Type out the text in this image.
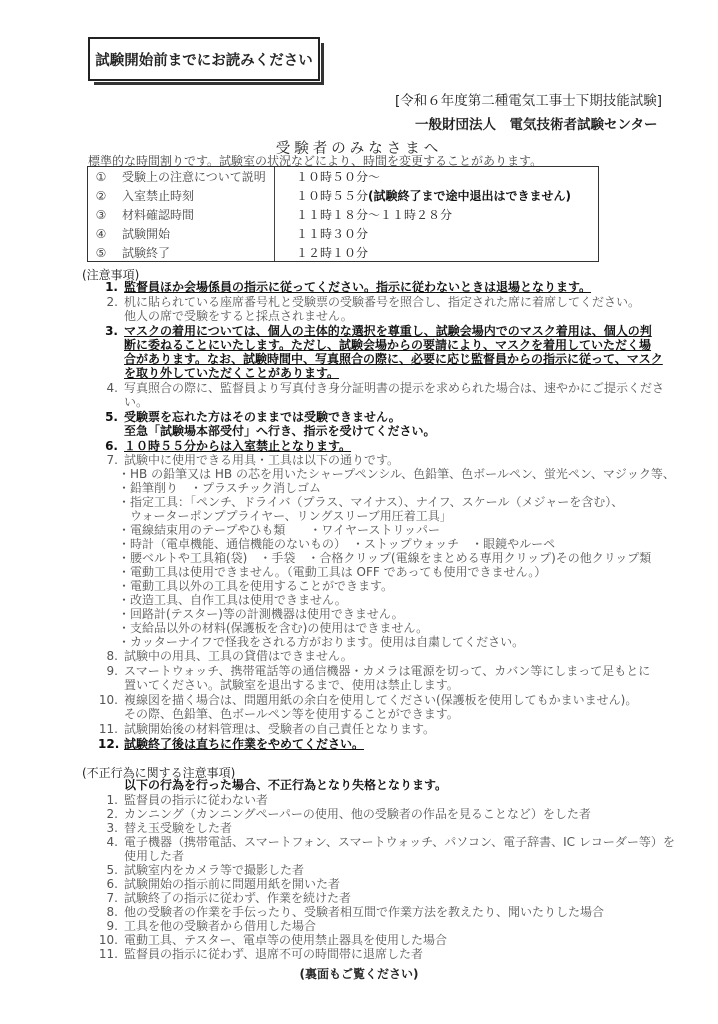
試験開始前までにお読みください
[令和６年度第二種電気工事士下期技能試験]
一般財団法人　電気技術者試験センター
受験者のみなさまへ
標準的な時間割りです。試験室の状況などにより、時間を変更することがあります。
①	受験上の注意について説明	１０時５０分～
②	入室禁止時刻	１０時５５分(試験終了まで途中退出はできません)
③	材料確認時間	１１時１８分～１１時２８分
④	試験開始	１１時３０分
⑤	試験終了	１２時１０分
(注意事項)
1. 監督員ほか会場係員の指示に従ってください。指示に従わないときは退場となります。
2. 机に貼られている座席番号札と受験票の受験番号を照合し、指定された席に着席してください。
他人の席で受験をすると採点されません。
3. マスクの着用については、個人の主体的な選択を尊重し、試験会場内でのマスク着用は、個人の判
断に委ねることにいたします。ただし、試験会場からの要請により、マスクを着用していただく場
合があります。なお、試験時間中、写真照合の際に、必要に応じ監督員からの指示に従って、マスク
を取り外していただくことがあります。
4. 写真照合の際に、監督員より写真付き身分証明書の提示を求められた場合は、速やかにご提示くださ
い。
5. 受験票を忘れた方はそのままでは受験できません。
至急「試験場本部受付」へ行き、指示を受けてください。
6. １０時５５分からは入室禁止となります。
7. 試験中に使用できる用具・工具は以下の通りです。
・HB の鉛筆又は HB の芯を用いたシャープペンシル、色鉛筆、色ボールペン、蛍光ペン、マジック等、
・鉛筆削り　・プラスチック消しゴム
・指定工具：「ペンチ、ドライバ（プラス、マイナス）、ナイフ、スケール（メジャーを含む）、
　ウォーターポンププライヤー、リングスリーブ用圧着工具」
・電線結束用のテープやひも類　　・ワイヤーストリッパー
・時計（電卓機能、通信機能のないもの）　・ストップウォッチ　・眼鏡やルーペ
・腰ベルトや工具箱(袋)　・手袋　・合格クリップ(電線をまとめる専用クリップ)その他クリップ類
・電動工具は使用できません。（電動工具は OFF であっても使用できません。）
・電動工具以外の工具を使用することができます。
・改造工具、自作工具は使用できません。
・回路計(テスター)等の計測機器は使用できません。
・支給品以外の材料(保護板を含む)の使用はできません。
・カッターナイフで怪我をされる方がおります。使用は自粛してください。
8. 試験中の用具、工具の貸借はできません。
9. スマートウォッチ、携帯電話等の通信機器・カメラは電源を切って、カバン等にしまって足もとに
置いてください。試験室を退出するまで、使用は禁止します。
10. 複線図を描く場合は、問題用紙の余白を使用してください(保護板を使用してもかまいません)。
その際、色鉛筆、色ボールペン等を使用することができます。
11. 試験開始後の材料管理は、受験者の自己責任となります。
12. 試験終了後は直ちに作業をやめてください。
(不正行為に関する注意事項)
以下の行為を行った場合、不正行為となり失格となります。
(裏面もご覧ください)
1. 監督員の指示に従わない者
2. カンニング（カンニングペーパーの使用、他の受験者の作品を見ることなど）をした者
3. 替え玉受験をした者
4. 電子機器（携帯電話、スマートフォン、スマートウォッチ、パソコン、電子辞書、IC レコーダー等）を
使用した者
5. 試験室内をカメラ等で撮影した者
6. 試験開始の指示前に問題用紙を開いた者
7. 試験終了の指示に従わず、作業を続けた者
8. 他の受験者の作業を手伝ったり、受験者相互間で作業方法を教えたり、聞いたりした場合
9. 工具を他の受験者から借用した場合
10. 電動工具、テスター、電卓等の使用禁止器具を使用した場合
11. 監督員の指示に従わず、退席不可の時間帯に退席した者
